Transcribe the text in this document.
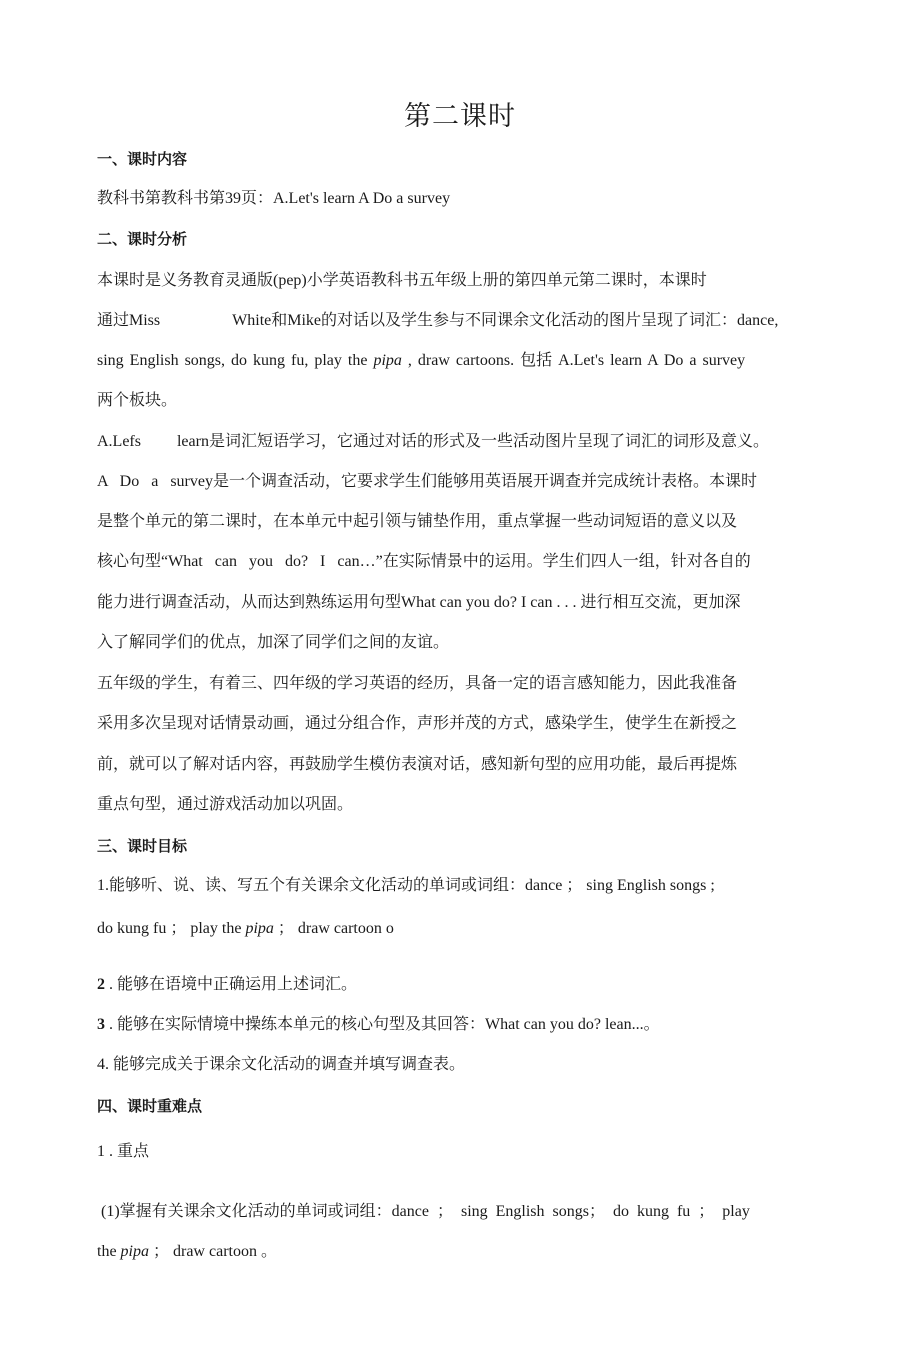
第二课时
一、课时内容
教科书第教科书第39页：A.Let's learn A Do a survey
二、课时分析
本课时是义务教育灵通版(pep)小学英语教科书五年级上册的第四单元第二课时，本课时
通过Miss	White和Mike的对话以及学生参与不同课余文化活动的图片呈现了词汇：dance,
sing English songs, do kung fu, play the pipa , draw cartoons. 包括 A.Let's learn A Do a survey
两个板块。
A.Lefs learn是词汇短语学习，它通过对话的形式及一些活动图片呈现了词汇的词形及意义。
A   Do   a   survey是一个调查活动，它要求学生们能够用英语展开调查并完成统计表格。本课时
是整个单元的第二课时，在本单元中起引领与铺垫作用，重点掌握一些动词短语的意义以及
核心句型“What   can   you   do?   I   can…”在实际情景中的运用。学生们四人一组，针对各自的
能力进行调查活动，从而达到熟练运用句型What can you do? I can . . . 进行相互交流，更加深
入了解同学们的优点，加深了同学们之间的友谊。
五年级的学生，有着三、四年级的学习英语的经历，具备一定的语言感知能力，因此我准备
采用多次呈现对话情景动画，通过分组合作，声形并茂的方式，感染学生，使学生在新授之
前，就可以了解对话内容，再鼓励学生模仿表演对话，感知新句型的应用功能，最后再提炼
重点句型，通过游戏活动加以巩固。
三、课时目标
1.能够听、说、读、写五个有关课余文化活动的单词或词组：dance ； sing English songs ;
do kung fu ； play the pipa ； draw cartoon o
2 . 能够在语境中正确运用上述词汇。
3 . 能够在实际情境中操练本单元的核心句型及其回答：What can you do? lean...。
4. 能够完成关于课余文化活动的调查并填写调查表。
四、课时重难点
1 . 重点
(1)掌握有关课余文化活动的单词或词组：dance  ；  sing  English  songs；  do  kung  fu  ；  play
the pipa ； draw cartoon 。
